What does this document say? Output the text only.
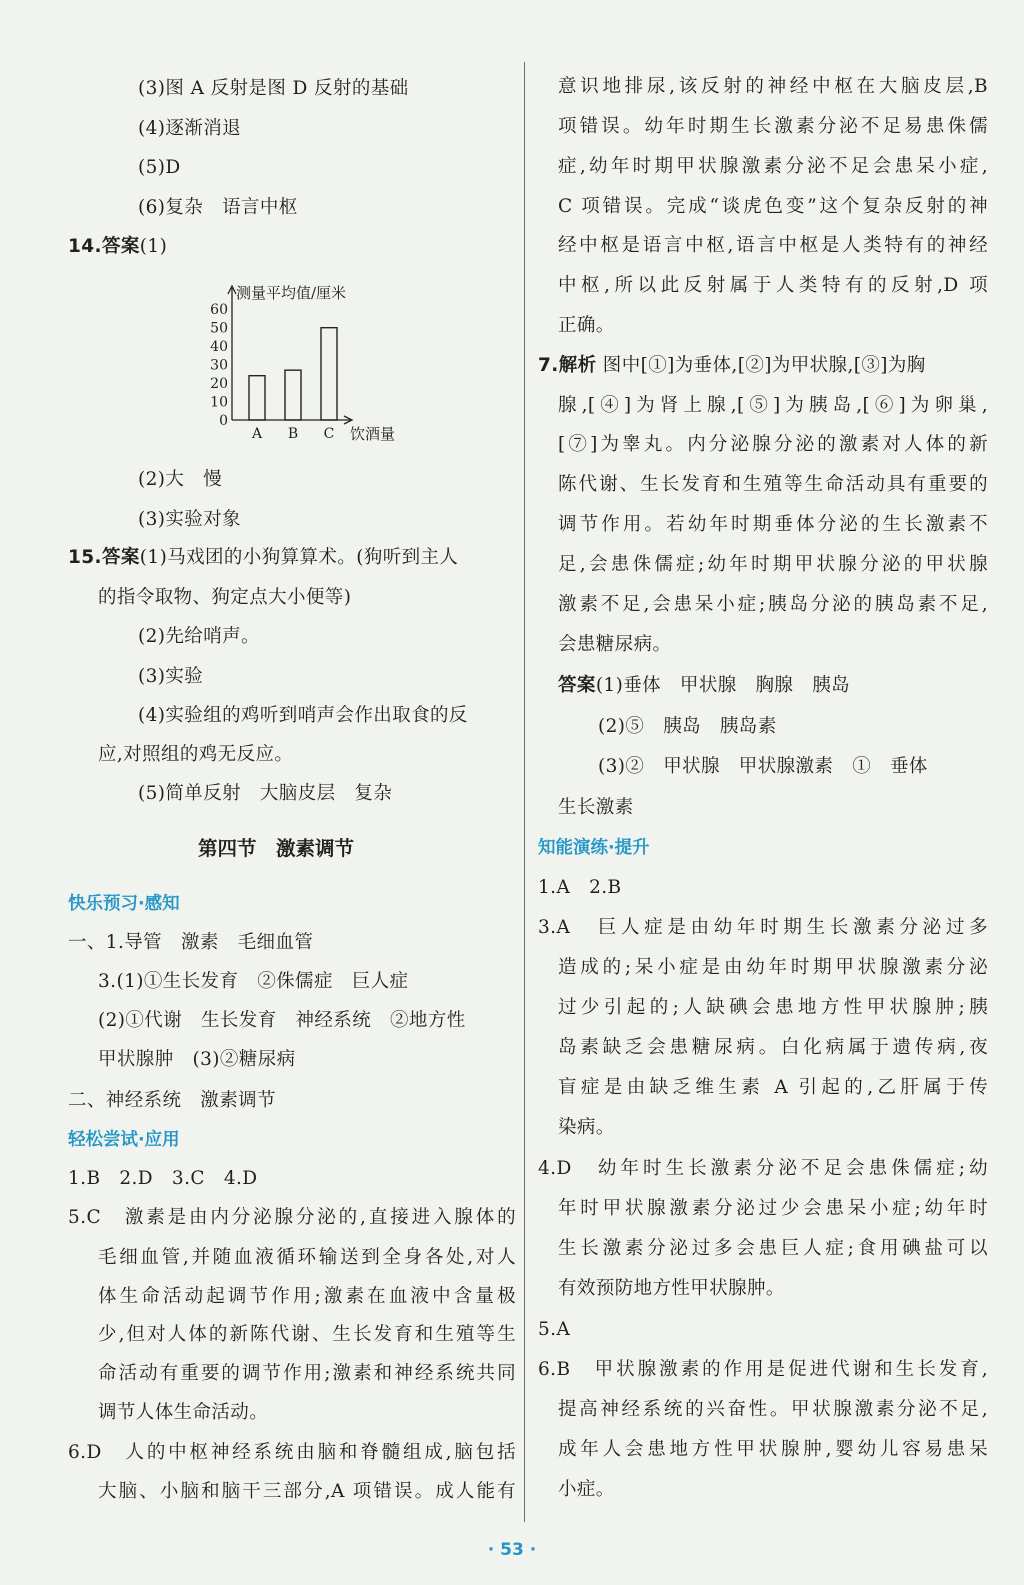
(3)图 A 反射是图 D 反射的基础
(4)逐渐消退
(5)D
(6)复杂　语言中枢
14.答案(1)
(2)大　慢
(3)实验对象
15.答案(1)马戏团的小狗算算术。(狗听到主人
的指令取物、狗定点大小便等)
(2)先给哨声。
(3)实验
(4)实验组的鸡听到哨声会作出取食的反
应,对照组的鸡无反应。
(5)简单反射　大脑皮层　复杂
第四节　激素调节
快乐预习·感知
一、1.导管　激素　毛细血管
3.(1)①生长发育　②侏儒症　巨人症
(2)①代谢　生长发育　神经系统　②地方性
甲状腺肿　(3)②糖尿病
二、神经系统　激素调节
轻松尝试·应用
1.B　2.D　3.C　4.D
5.C　激素是由内分泌腺分泌的,直接进入腺体的
毛细血管,并随血液循环输送到全身各处,对人
体生命活动起调节作用;激素在血液中含量极
少,但对人体的新陈代谢、生长发育和生殖等生
命活动有重要的调节作用;激素和神经系统共同
调节人体生命活动。
6.D　人的中枢神经系统由脑和脊髓组成,脑包括
大脑、小脑和脑干三部分,A 项错误。成人能有
测量平均值/厘米
饮酒量
60
50
40
30
20
10
0
A B C
意识地排尿,该反射的神经中枢在大脑皮层,B
项错误。幼年时期生长激素分泌不足易患侏儒
症,幼年时期甲状腺激素分泌不足会患呆小症,
C 项错误。完成“谈虎色变”这个复杂反射的神
经中枢是语言中枢,语言中枢是人类特有的神经
中枢,所以此反射属于人类特有的反射,D 项
正确。
7.解析 图中[①]为垂体,[②]为甲状腺,[③]为胸
腺,[④]为肾上腺,[⑤]为胰岛,[⑥]为卵巢,
[⑦]为睾丸。内分泌腺分泌的激素对人体的新
陈代谢、生长发育和生殖等生命活动具有重要的
调节作用。若幼年时期垂体分泌的生长激素不
足,会患侏儒症;幼年时期甲状腺分泌的甲状腺
激素不足,会患呆小症;胰岛分泌的胰岛素不足,
会患糖尿病。
答案(1)垂体　甲状腺　胸腺　胰岛
(2)⑤　胰岛　胰岛素
(3)②　甲状腺　甲状腺激素　①　垂体
生长激素
知能演练·提升
1.A　2.B
3.A　巨人症是由幼年时期生长激素分泌过多
造成的;呆小症是由幼年时期甲状腺激素分泌
过少引起的;人缺碘会患地方性甲状腺肿;胰
岛素缺乏会患糖尿病。白化病属于遗传病,夜
盲症是由缺乏维生素 A 引起的,乙肝属于传
染病。
4.D　幼年时生长激素分泌不足会患侏儒症;幼
年时甲状腺激素分泌过少会患呆小症;幼年时
生长激素分泌过多会患巨人症;食用碘盐可以
有效预防地方性甲状腺肿。
5.A
6.B　甲状腺激素的作用是促进代谢和生长发育,
提高神经系统的兴奋性。甲状腺激素分泌不足,
成年人会患地方性甲状腺肿,婴幼儿容易患呆
小症。
· 53 ·
